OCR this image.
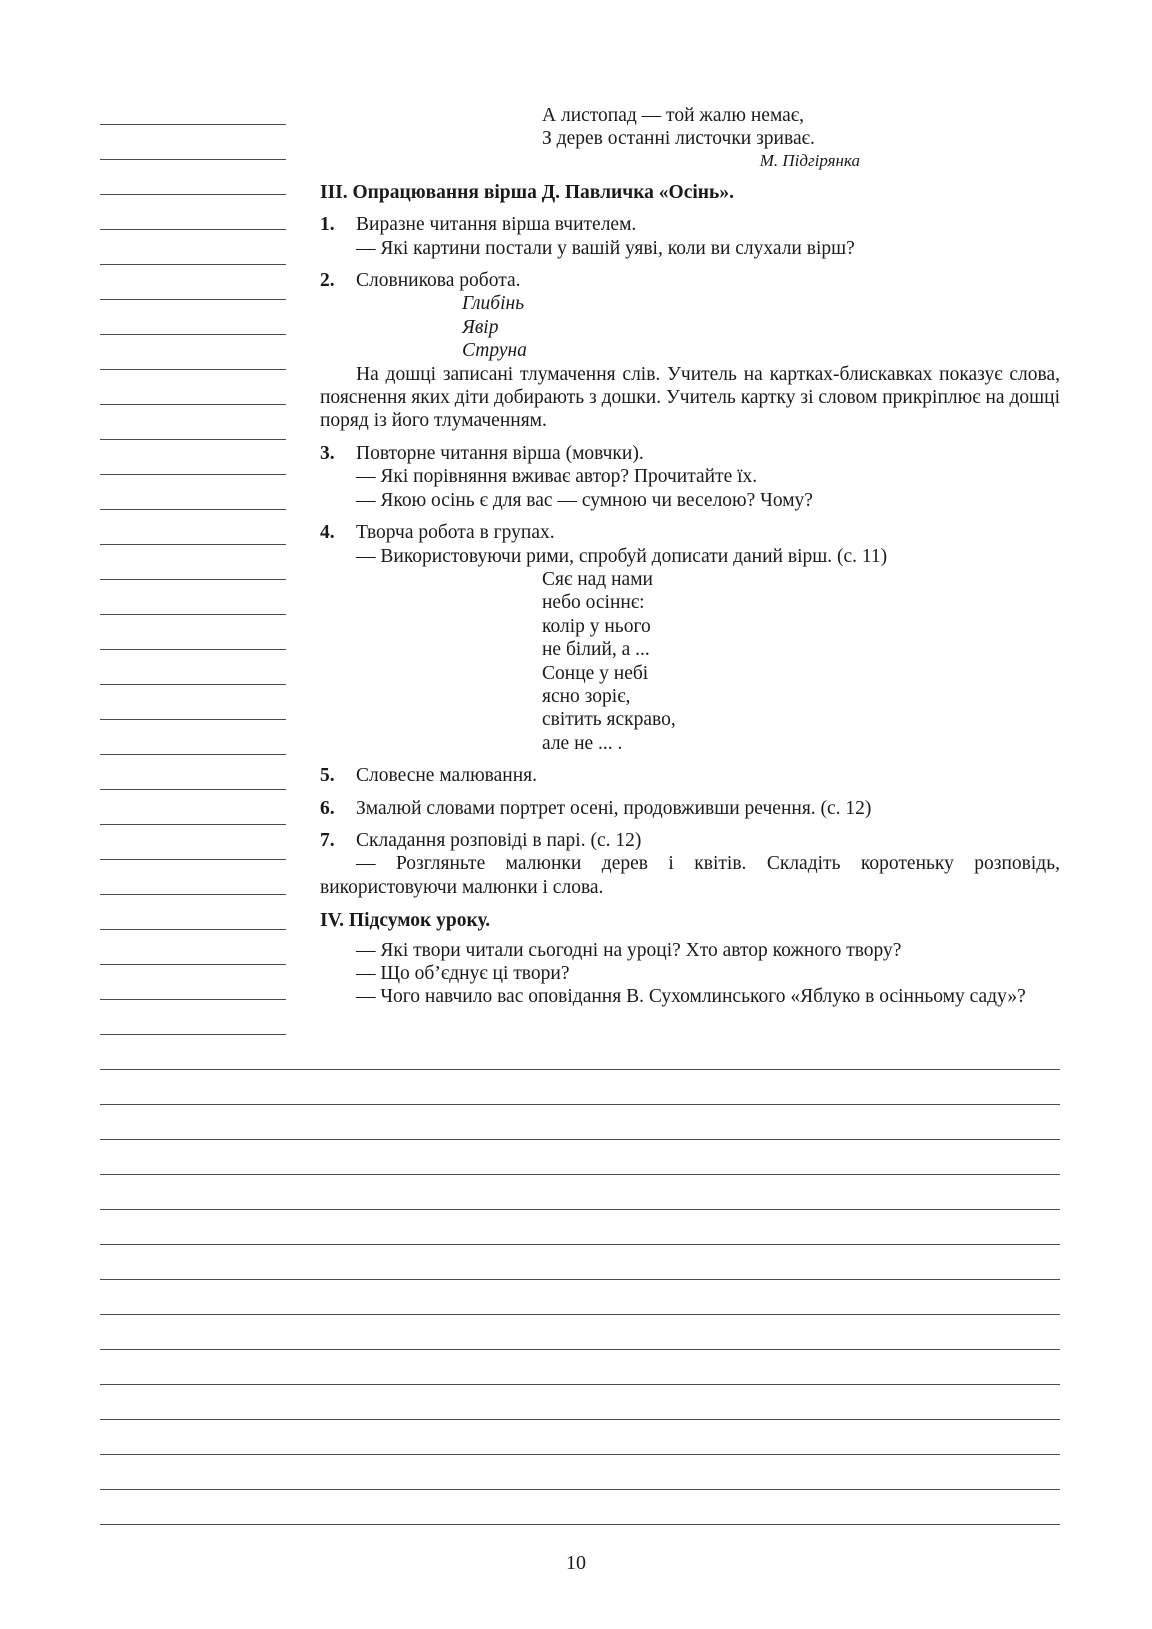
А листопад — той жалю немає,

З дерев останні листочки зриває.

М. Підгірянка

III. Опрацювання вірша Д. Павличка «Осінь».

1. Виразне читання вірша вчителем.

— Які картини постали у вашій уяві, коли ви слухали вірш?

2. Словникова робота.

Глибінь

Явір

Струна

На дошці записані тлумачення слів. Учитель на картках-блискавках показує слова, пояснення яких діти добирають з дошки. Учитель картку зі словом прикріплює на дошці поряд із його тлумаченням.

3. Повторне читання вірша (мовчки).

— Які порівняння вживає автор? Прочитайте їх.

— Якою осінь є для вас — сумною чи веселою? Чому?

4. Творча робота в групах.

— Використовуючи рими, спробуй дописати даний вірш. (с. 11)

Сяє над нами

небо осіннє:

колір у нього

не білий, а ...

Сонце у небі

ясно зоріє,

світить яскраво,

але не ... .

5. Словесне малювання.

6. Змалюй словами портрет осені, продовживши речення. (с. 12)

7. Складання розповіді в парі. (с. 12)

— Розгляньте малюнки дерев і квітів. Складіть коротеньку розповідь, використовуючи малюнки і слова.

IV. Підсумок уроку.

— Які твори читали сьогодні на уроці? Хто автор кожного твору?

— Що об’єднує ці твори?

— Чого навчило вас оповідання В. Сухомлинського «Яблуко в осінньому саду»?

10
